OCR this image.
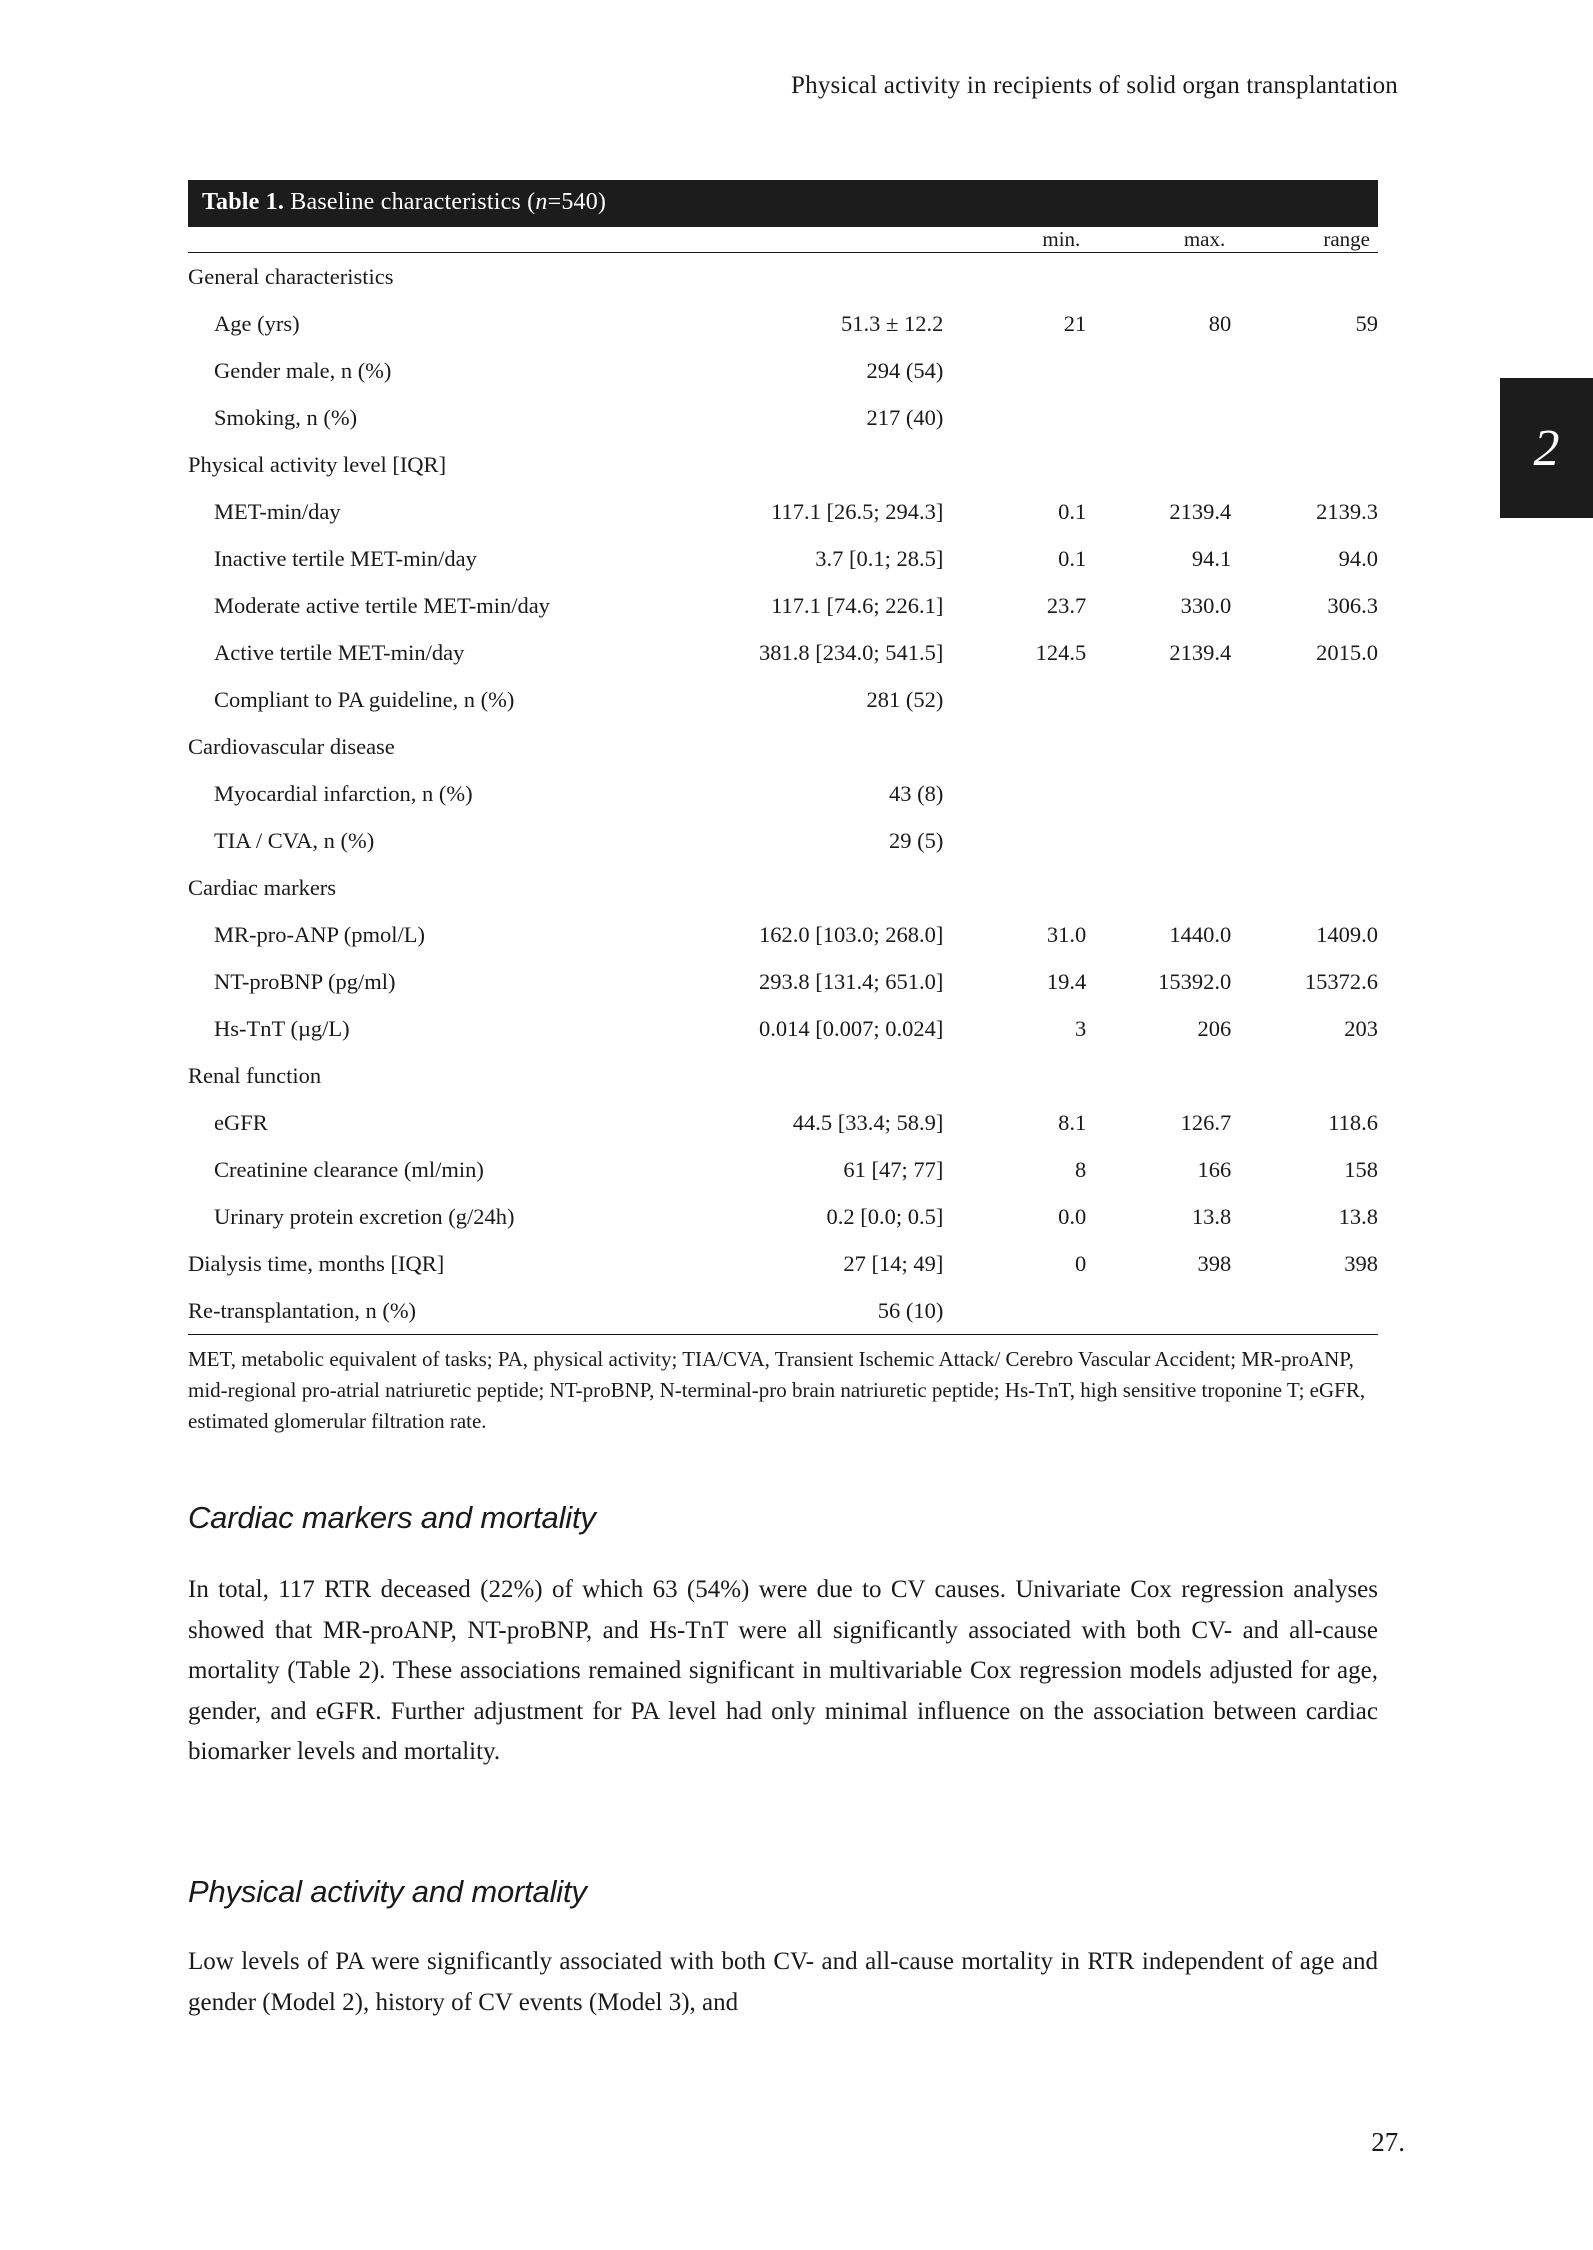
Physical activity in recipients of solid organ transplantation
2
Table 1. Baseline characteristics (n=540)
		min.	max.	range

General characteristics				
Age (yrs)	51.3 ± 12.2	21	80	59
Gender male, n (%)	294 (54)			
Smoking, n (%)	217 (40)			
Physical activity level [IQR]				
MET-min/day	117.1 [26.5; 294.3]	0.1	2139.4	2139.3
Inactive tertile MET-min/day	3.7 [0.1; 28.5]	0.1	94.1	94.0
Moderate active tertile MET-min/day	117.1 [74.6; 226.1]	23.7	330.0	306.3
Active tertile MET-min/day	381.8 [234.0; 541.5]	124.5	2139.4	2015.0
Compliant to PA guideline, n (%)	281 (52)			
Cardiovascular disease				
Myocardial infarction, n (%)	43 (8)			
TIA / CVA, n (%)	29 (5)			
Cardiac markers				
MR-pro-ANP (pmol/L)	162.0 [103.0; 268.0]	31.0	1440.0	1409.0
NT-proBNP (pg/ml)	293.8 [131.4; 651.0]	19.4	15392.0	15372.6
Hs-TnT (µg/L)	0.014 [0.007; 0.024]	3	206	203
Renal function				
eGFR	44.5 [33.4; 58.9]	8.1	126.7	118.6
Creatinine clearance (ml/min)	61 [47; 77]	8	166	158
Urinary protein excretion (g/24h)	0.2 [0.0; 0.5]	0.0	13.8	13.8
Dialysis time, months [IQR]	27 [14; 49]	0	398	398
Re-transplantation, n (%)	56 (10)			
MET, metabolic equivalent of tasks; PA, physical activity; TIA/CVA, Transient Ischemic Attack/ Cerebro Vascular Accident; MR-proANP, mid-regional pro-atrial natriuretic peptide; NT-proBNP, N-terminal-pro brain natriuretic peptide; Hs-TnT, high sensitive troponine T; eGFR, estimated glomerular filtration rate.
Cardiac markers and mortality

In total, 117 RTR deceased (22%) of which 63 (54%) were due to CV causes. Univariate Cox regression analyses showed that MR-proANP, NT-proBNP, and Hs-TnT were all significantly associated with both CV- and all-cause mortality (Table 2). These associations remained significant in multivariable Cox regression models adjusted for age, gender, and eGFR. Further adjustment for PA level had only minimal influence on the association between cardiac biomarker levels and mortality.

Physical activity and mortality

Low levels of PA were significantly associated with both CV- and all-cause mortality in RTR independent of age and gender (Model 2), history of CV events (Model 3), and

27.
